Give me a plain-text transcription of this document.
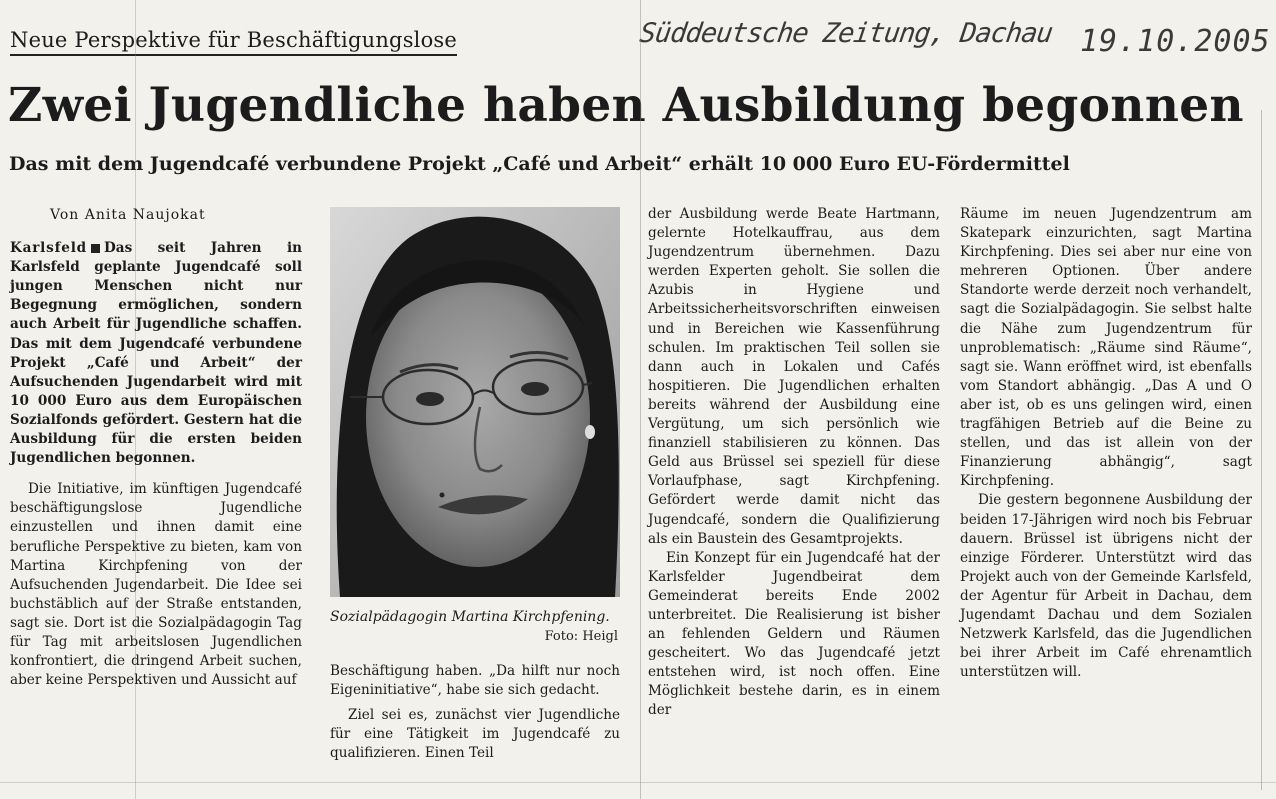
Neue Perspektive für Beschäftigungslose	Süddeutsche Zeitung, Dachau 19.10.2005
Zwei Jugendliche haben Ausbildung begonnen
Das mit dem Jugendcafé verbundene Projekt „Café und Arbeit“ erhält 10 000 Euro EU-Fördermittel
Von Anita Naujokat

Karlsfeld Das seit Jahren in Karlsfeld geplante Jugendcafé soll jungen Menschen nicht nur Begegnung ermöglichen, sondern auch Arbeit für Jugendliche schaffen. Das mit dem Jugendcafé verbundene Projekt „Café und Arbeit“ der Aufsuchenden Jugendarbeit wird mit 10 000 Euro aus dem Europäischen Sozialfonds gefördert. Gestern hat die Ausbildung für die ersten beiden Jugendlichen begonnen.

Die Initiative, im künftigen Jugendcafé beschäftigungslose Jugendliche einzustellen und ihnen damit eine berufliche Perspektive zu bieten, kam von Martina Kirchpfening von der Aufsuchenden Jugendarbeit. Die Idee sei buchstäblich auf der Straße entstanden, sagt sie. Dort ist die Sozialpädagogin Tag für Tag mit arbeitslosen Jugendlichen konfrontiert, die dringend Arbeit suchen, aber keine Perspektiven und Aussicht auf

Sozialpädagogin Martina Kirchpfening.
Foto: Heigl

Beschäftigung haben. „Da hilft nur noch Eigeninitiative“, habe sie sich gedacht.

Ziel sei es, zunächst vier Jugendliche für eine Tätigkeit im Jugendcafé zu qualifizieren. Einen Teil

der Ausbildung werde Beate Hartmann, gelernte Hotelkauffrau, aus dem Jugendzentrum übernehmen. Dazu werden Experten geholt. Sie sollen die Azubis in Hygiene und Arbeitssicherheitsvorschriften einweisen und in Bereichen wie Kassenführung schulen. Im praktischen Teil sollen sie dann auch in Lokalen und Cafés hospitieren. Die Jugendlichen erhalten bereits während der Ausbildung eine Vergütung, um sich persönlich wie finanziell stabilisieren zu können. Das Geld aus Brüssel sei speziell für diese Vorlaufphase, sagt Kirchpfening. Gefördert werde damit nicht das Jugendcafé, sondern die Qualifizierung als ein Baustein des Gesamtprojekts.

Ein Konzept für ein Jugendcafé hat der Karlsfelder Jugendbeirat dem Gemeinderat bereits Ende 2002 unterbreitet. Die Realisierung ist bisher an fehlenden Geldern und Räumen gescheitert. Wo das Jugendcafé jetzt entstehen wird, ist noch offen. Eine Möglichkeit bestehe darin, es in einem der

Räume im neuen Jugendzentrum am Skatepark einzurichten, sagt Martina Kirchpfening. Dies sei aber nur eine von mehreren Optionen. Über andere Standorte werde derzeit noch verhandelt, sagt die Sozialpädagogin. Sie selbst halte die Nähe zum Jugendzentrum für unproblematisch: „Räume sind Räume“, sagt sie. Wann eröffnet wird, ist ebenfalls vom Standort abhängig. „Das A und O aber ist, ob es uns gelingen wird, einen tragfähigen Betrieb auf die Beine zu stellen, und das ist allein von der Finanzierung abhängig“, sagt Kirchpfening.

Die gestern begonnene Ausbildung der beiden 17-Jährigen wird noch bis Februar dauern. Brüssel ist übrigens nicht der einzige Förderer. Unterstützt wird das Projekt auch von der Gemeinde Karlsfeld, der Agentur für Arbeit in Dachau, dem Jugendamt Dachau und dem Sozialen Netzwerk Karlsfeld, das die Jugendlichen bei ihrer Arbeit im Café ehrenamtlich unterstützen will.
